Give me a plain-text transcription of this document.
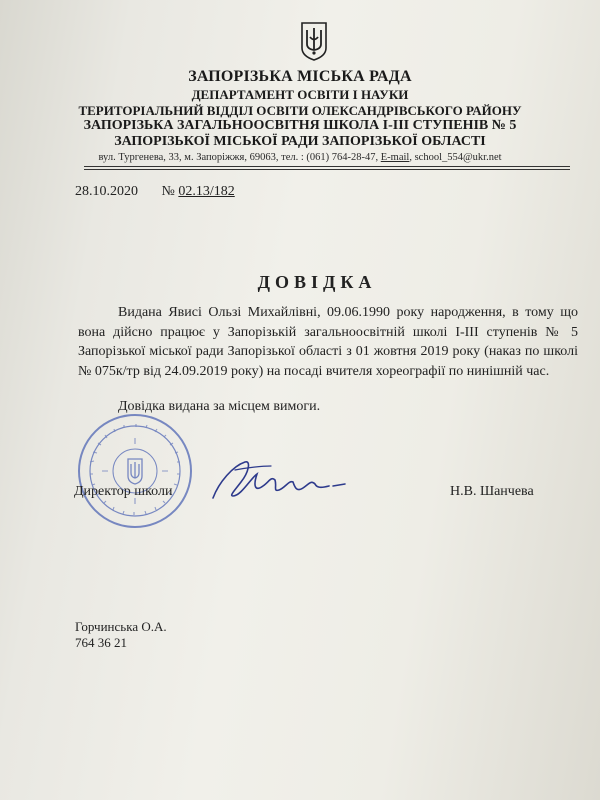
ЗАПОРІЗЬКА МІСЬКА РАДА
ДЕПАРТАМЕНТ ОСВІТИ І НАУКИ
ТЕРИТОРІАЛЬНИЙ ВІДДІЛ ОСВІТИ ОЛЕКСАНДРІВСЬКОГО РАЙОНУ
ЗАПОРІЗЬКА ЗАГАЛЬНООСВІТНЯ ШКОЛА І-ІІІ СТУПЕНІВ № 5
ЗАПОРІЗЬКОЇ МІСЬКОЇ РАДИ ЗАПОРІЗЬКОЇ ОБЛАСТІ
вул. Тургенева, 33, м. Запоріжжя, 69063, тел. : (061) 764-28-47, E-mail, school_554@ukr.net
28.10.2020 № 02.13/182
ДОВІДКА

Видана Явисі Ользі Михайлівні, 09.06.1990 року народження, в тому що вона дійсно працює у Запорізькій загальноосвітній школі І-ІІІ ступенів № 5 Запорізької міської ради Запорізької області з 01 жовтня 2019 року (наказ по школі № 075к/тр від 24.09.2019 року) на посаді вчителя хореографії по нинішній час.

Довідка видана за місцем вимоги.
Директор школи	Н.В. Шанчева
Горчинська О.А.
764 36 21
